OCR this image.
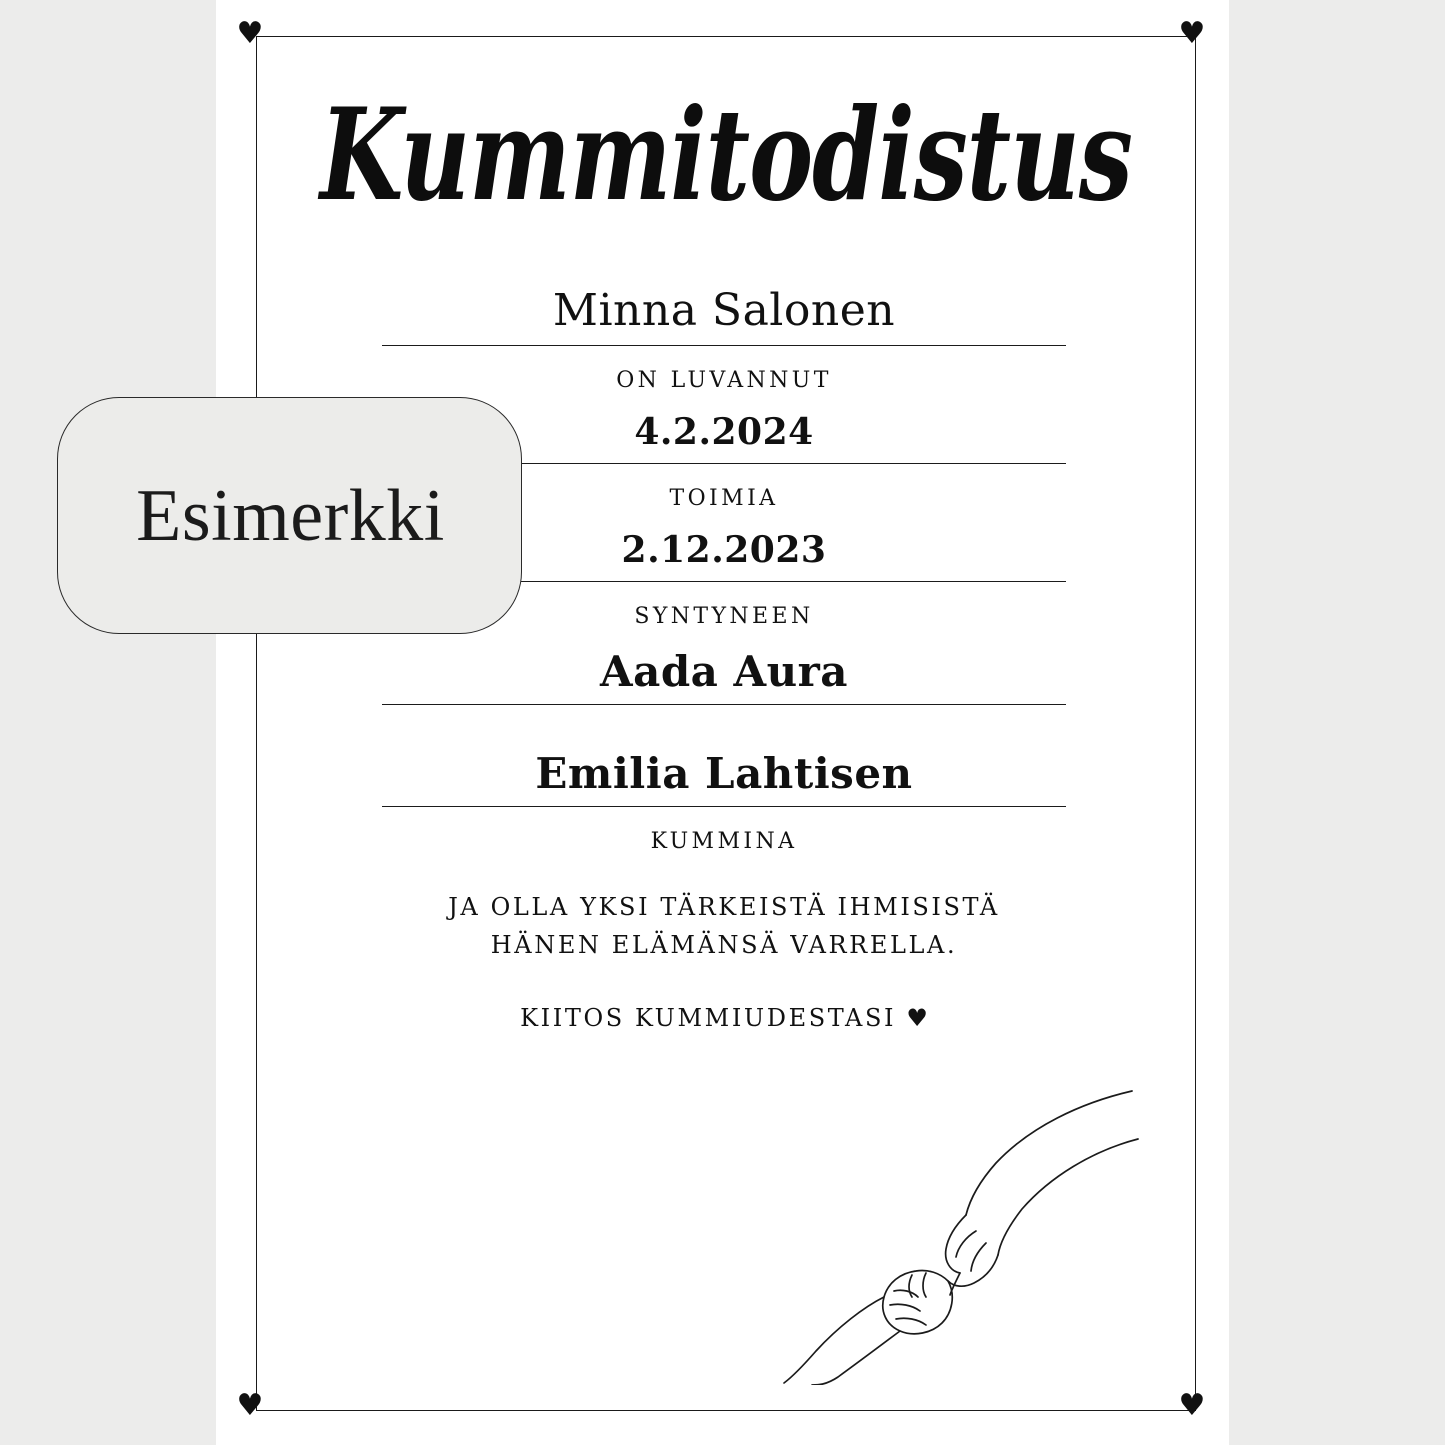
♥	♥
♥	♥
Kummitodistus
Minna Salonen
ON LUVANNUT
4.2.2024
TOIMIA
2.12.2023
SYNTYNEEN
Aada Aura
Emilia Lahtisen
KUMMINA
JA OLLA YKSI TÄRKEISTÄ IHMISISTÄ
HÄNEN ELÄMÄNSÄ VARRELLA.
KIITOS KUMMIUDESTASI ♥
Esimerkki
